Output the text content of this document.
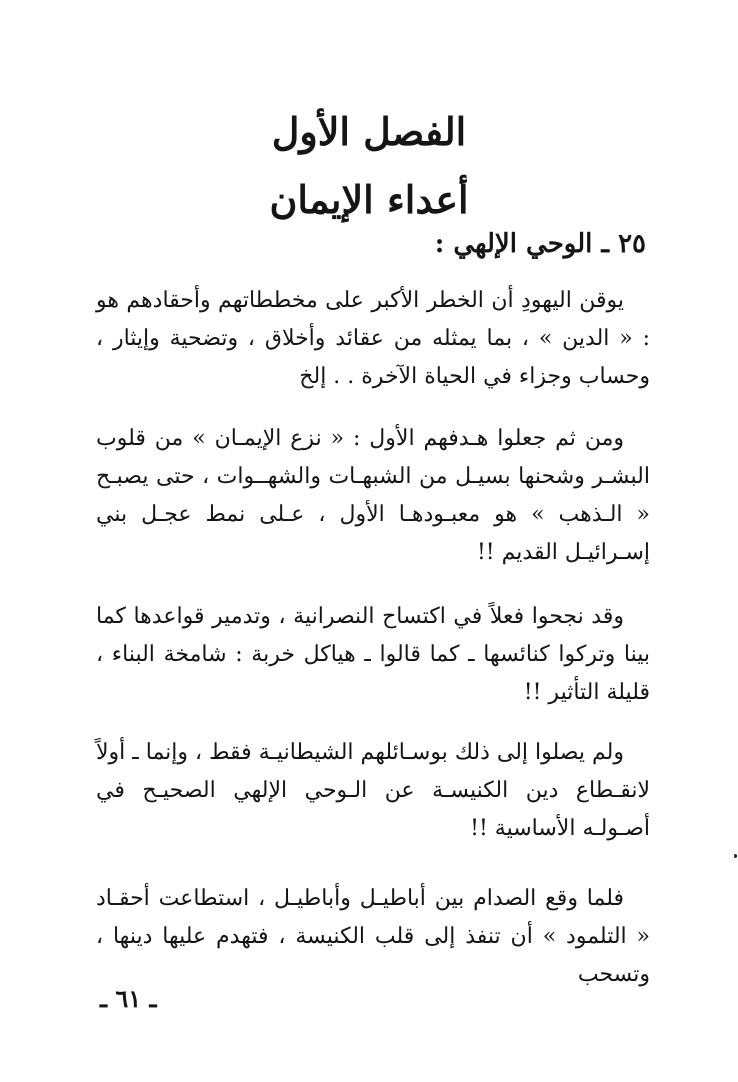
الفصل الأول
أعداء الإيمان
٢٥ ـ الوحي الإلهي :

يوقن اليهودِ أن الخطر الأكبر على مخططاتهم وأحقادهم هو : « الدين » ، بما يمثله من عقائد وأخلاق ، وتضحية وإيثار ، وحساب وجزاء في الحياة الآخرة . . إلخ

ومن ثم جعلوا هـدفهم الأول : « نزع الإيمـان » من قلوب البشـر وشحنها بسيـل من الشبهـات والشهــوات ، حتى يصبـح « الـذهب » هو معبـودهـا الأول ، عـلى نمط عجـل بني إسـرائيـل القديم !!

وقد نجحوا فعلاً في اكتساح النصرانية ، وتدمير قواعدها كما بينا وتركوا كنائسها ـ كما قالوا ـ هياكل خربة : شامخة البناء ، قليلة التأثير !!

ولم يصلوا إلى ذلك بوسـائلهم الشيطانيـة فقط ، وإنما ـ أولاً لانقـطاع دين الكنيسـة عن الـوحي الإلهي الصحيـح في أصـولـه الأساسية !!

فلما وقع الصدام بين أباطيـل وأباطيـل ، استطاعت أحقـاد « التلمود » أن تنفذ إلى قلب الكنيسة ، فتهدم عليها دينها ، وتسحب

ـ ٦١ ـ
